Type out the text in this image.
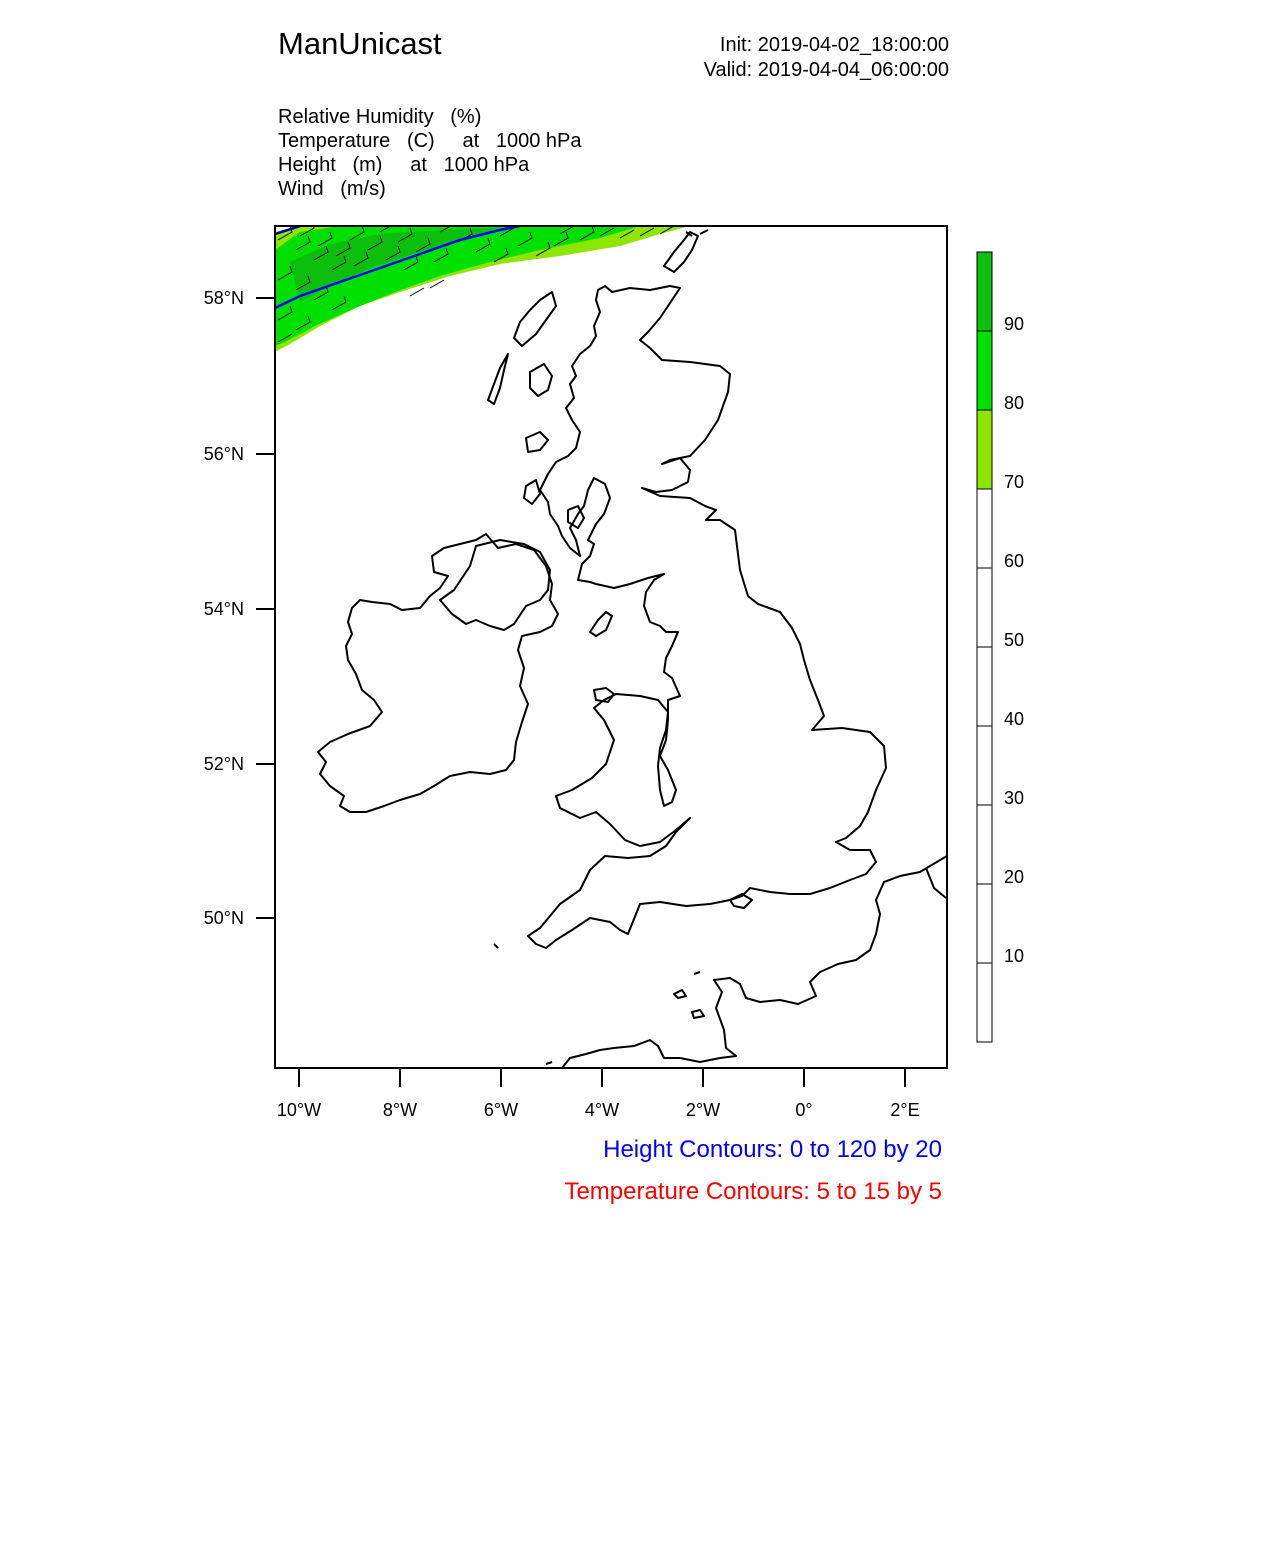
ManUnicast	Init: 2019-04-02_18:00:00
Valid: 2019-04-04_06:00:00
Relative Humidity   (%)
Temperature   (C)     at   1000 hPa
Height   (m)     at   1000 hPa
Wind   (m/s)
58°N
56°N
54°N
52°N
50°N
10°W	8°W	6°W	4°W	2°W	0°	2°E
90
80
70
60
50
40
30
20
10
Height Contours: 0 to 120 by 20
Temperature Contours: 5 to 15 by 5
